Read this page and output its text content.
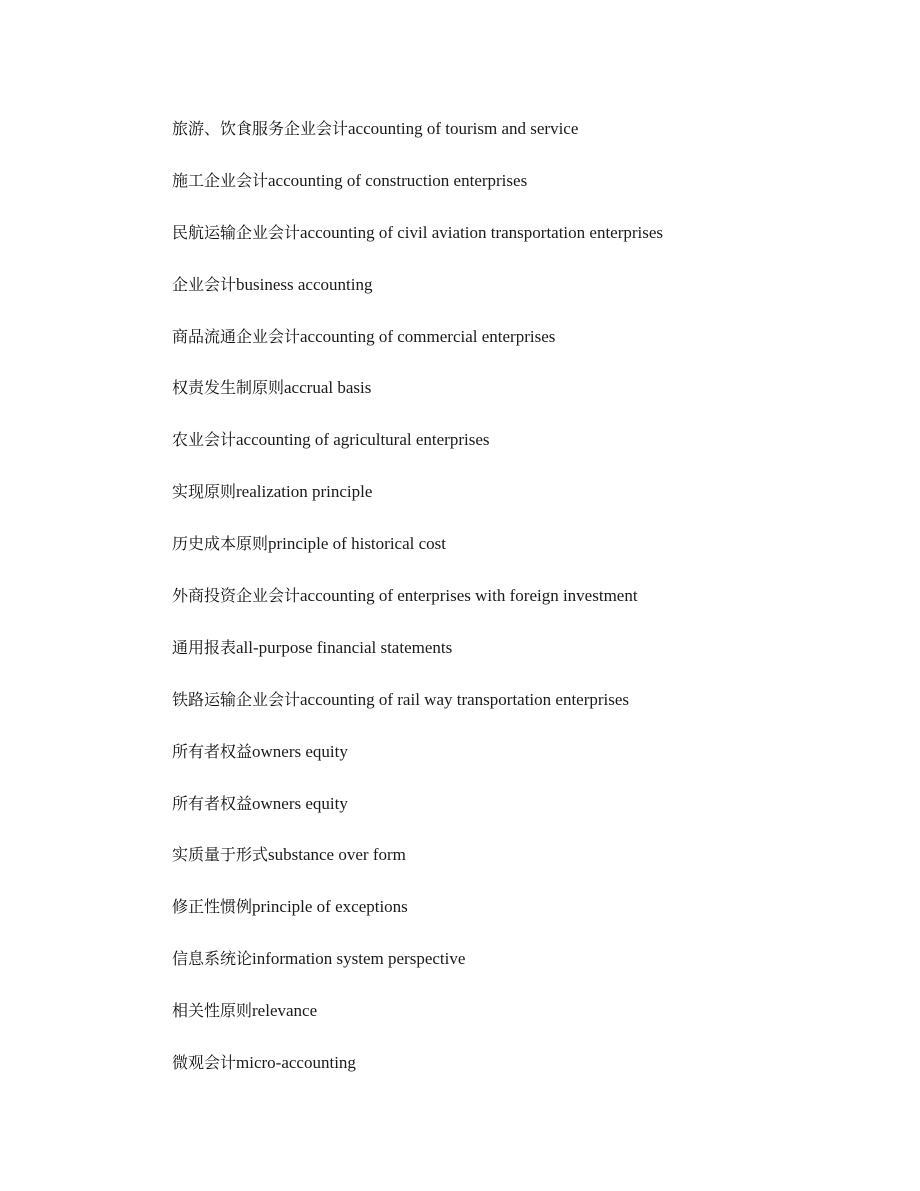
旅游、饮食服务企业会计accounting of tourism and service
施工企业会计accounting of construction enterprises
民航运输企业会计accounting of civil aviation transportation enterprises
企业会计business accounting
商品流通企业会计accounting of commercial enterprises
权责发生制原则accrual basis
农业会计accounting of agricultural enterprises
实现原则realization principle
历史成本原则principle of historical cost
外商投资企业会计accounting of enterprises with foreign investment
通用报表all-purpose financial statements
铁路运输企业会计accounting of rail way transportation enterprises
所有者权益owners equity
所有者权益owners equity
实质量于形式substance over form
修正性惯例principle of exceptions
信息系统论information system perspective
相关性原则relevance
微观会计micro-accounting
